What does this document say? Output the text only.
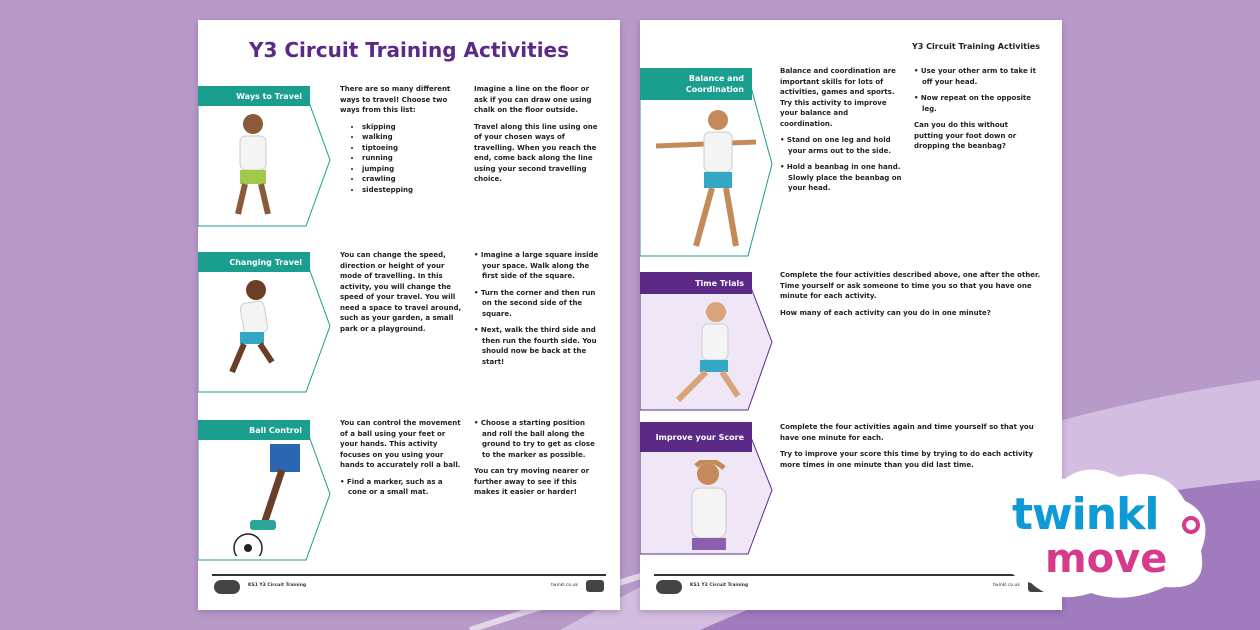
Y3 Circuit Training Activities
Ways to Travel

There are so many different ways to travel! Choose two ways from this list:

• skipping
• walking
• tiptoeing
• running
• jumping
• crawling
• sidestepping

Imagine a line on the floor or ask if you can draw one using chalk on the floor outside.

Travel along this line using one of your chosen ways of travelling. When you reach the end, come back along the line using your second travelling choice.

Changing Travel

You can change the speed, direction or height of your mode of travelling. In this activity, you will change the speed of your travel. You will need a space to travel around, such as your garden, a small park or a playground.

• Imagine a large square inside your space. Walk along the first side of the square.

• Turn the corner and then run on the second side of the square.

• Next, walk the third side and then run the fourth side. You should now be back at the start!

Ball Control

You can control the movement of a ball using your feet or your hands. This activity focuses on you using your hands to accurately roll a ball.

• Find a marker, such as a cone or a small mat.

• Choose a starting position and roll the ball along the ground to try to get as close to the marker as possible.

You can try moving nearer or further away to see if this makes it easier or harder!

KS1 Y3 Circuit Training	twinkl.co.uk
Y3 Circuit Training Activities
Balance and Coordination

Balance and coordination are important skills for lots of activities, games and sports. Try this activity to improve your balance and coordination.

• Stand on one leg and hold your arms out to the side.

• Hold a beanbag in one hand. Slowly place the beanbag on your head.

• Use your other arm to take it off your head.

• Now repeat on the opposite leg.

Can you do this without putting your foot down or dropping the beanbag?

Time Trials

Complete the four activities described above, one after the other. Time yourself or ask someone to time you so that you have one minute for each activity.

How many of each activity can you do in one minute?

Improve your Score

Complete the four activities again and time yourself so that you have one minute for each.

Try to improve your score this time by trying to do each activity more times in one minute than you did last time.

KS1 Y3 Circuit Training	twinkl.co.uk
twinkl
move
